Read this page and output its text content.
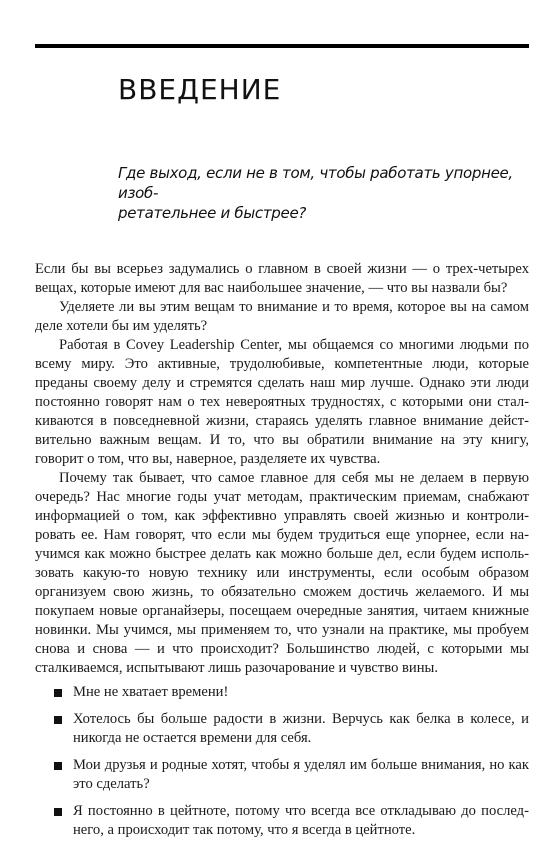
ВВЕДЕНИЕ
Где выход, если не в том, чтобы работать упорнее, изоб-
ретательнее и быстрее?

Если бы вы всерьез задумались о главном в своей жизни — о трех-четырех вещах, которые имеют для вас наибольшее значение, — что вы назвали бы?

Уделяете ли вы этим вещам то внимание и то время, которое вы на самом деле хотели бы им уделять?

Работая в Covey Leadership Center, мы общаемся со многими людьми по всему миру. Это активные, трудолюбивые, компетентные люди, которые преданы своему делу и стремятся сделать наш мир лучше. Однако эти люди постоянно говорят нам о тех невероятных трудностях, с которыми они сталкиваются в повседневной жизни, стараясь уделять главное внимание действительно важным вещам. И то, что вы обратили внимание на эту книгу, говорит о том, что вы, наверное, разделяете их чувства.

Почему так бывает, что самое главное для себя мы не делаем в первую очередь? Нас многие годы учат методам, практическим приемам, снабжают информацией о том, как эффективно управлять своей жизнью и контролировать ее. Нам говорят, что если мы будем трудиться еще упорнее, если научимся как можно быстрее делать как можно больше дел, если будем использовать какую-то новую технику или инструменты, если особым образом организуем свою жизнь, то обязательно сможем достичь желаемого. И мы покупаем новые органайзеры, посещаем очередные занятия, читаем книжные новинки. Мы учимся, мы применяем то, что узнали на практике, мы пробуем снова и снова — и что происходит? Большинство людей, с которыми мы сталкиваемся, испытывают лишь разочарование и чувство вины.

Мне не хватает времени!
Хотелось бы больше радости в жизни. Верчусь как белка в колесе, и никогда не остается времени для себя.
Мои друзья и родные хотят, чтобы я уделял им больше внимания, но как это сделать?
Я постоянно в цейтноте, потому что всегда все откладываю до последнего, а происходит так потому, что я всегда в цейтноте.
